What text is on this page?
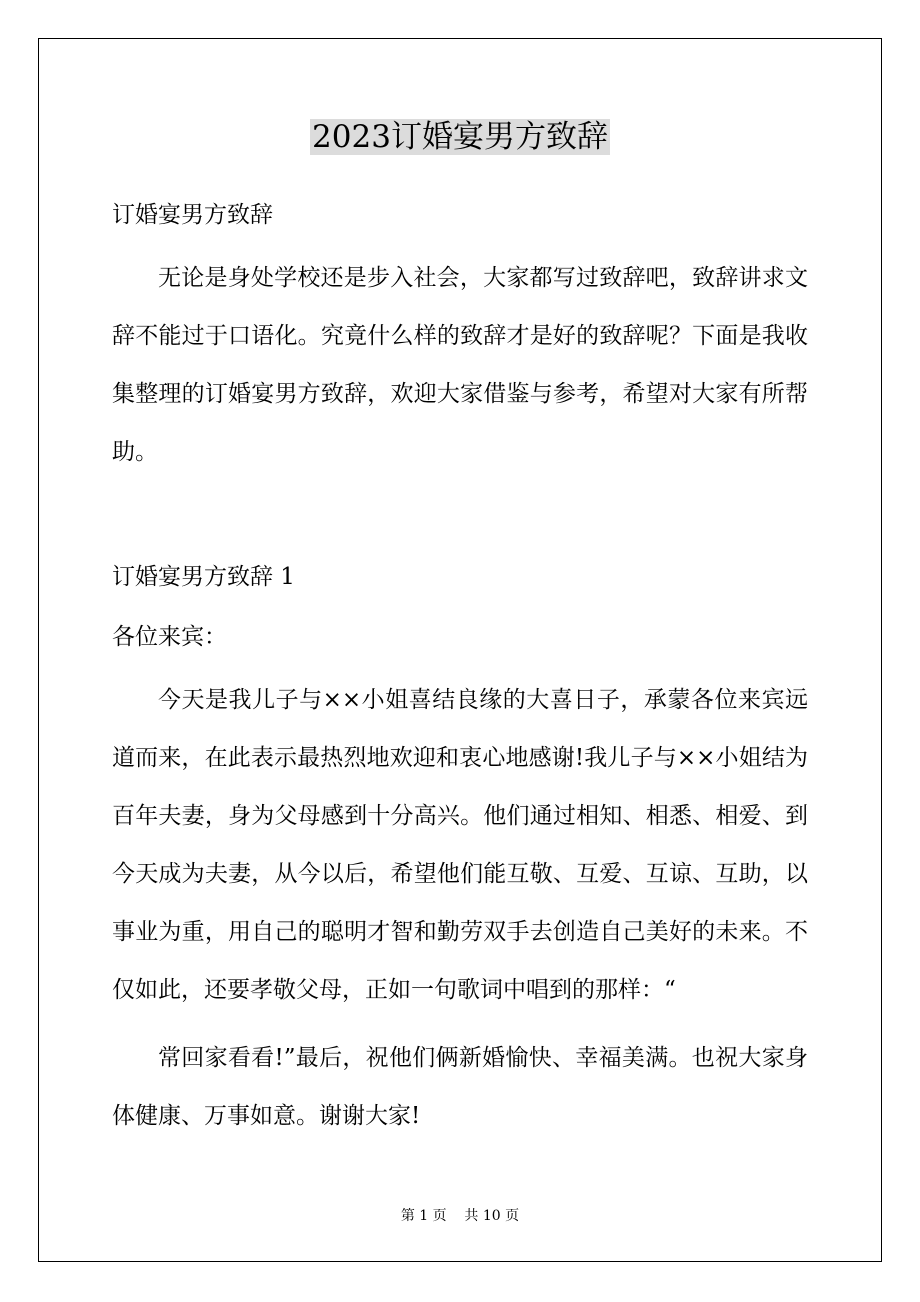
2023订婚宴男方致辞

订婚宴男方致辞

无论是身处学校还是步入社会，大家都写过致辞吧，致辞讲求文辞不能过于口语化。究竟什么样的致辞才是好的致辞呢？下面是我收集整理的订婚宴男方致辞，欢迎大家借鉴与参考，希望对大家有所帮助。

订婚宴男方致辞 1

各位来宾：

今天是我儿子与××小姐喜结良缘的大喜日子，承蒙各位来宾远道而来，在此表示最热烈地欢迎和衷心地感谢!我儿子与××小姐结为百年夫妻，身为父母感到十分高兴。他们通过相知、相悉、相爱、到今天成为夫妻，从今以后，希望他们能互敬、互爱、互谅、互助，以事业为重，用自己的聪明才智和勤劳双手去创造自己美好的未来。不仅如此，还要孝敬父母，正如一句歌词中唱到的那样：“

常回家看看!”最后，祝他们俩新婚愉快、幸福美满。也祝大家身体健康、万事如意。谢谢大家!

第 1 页    共 10 页
